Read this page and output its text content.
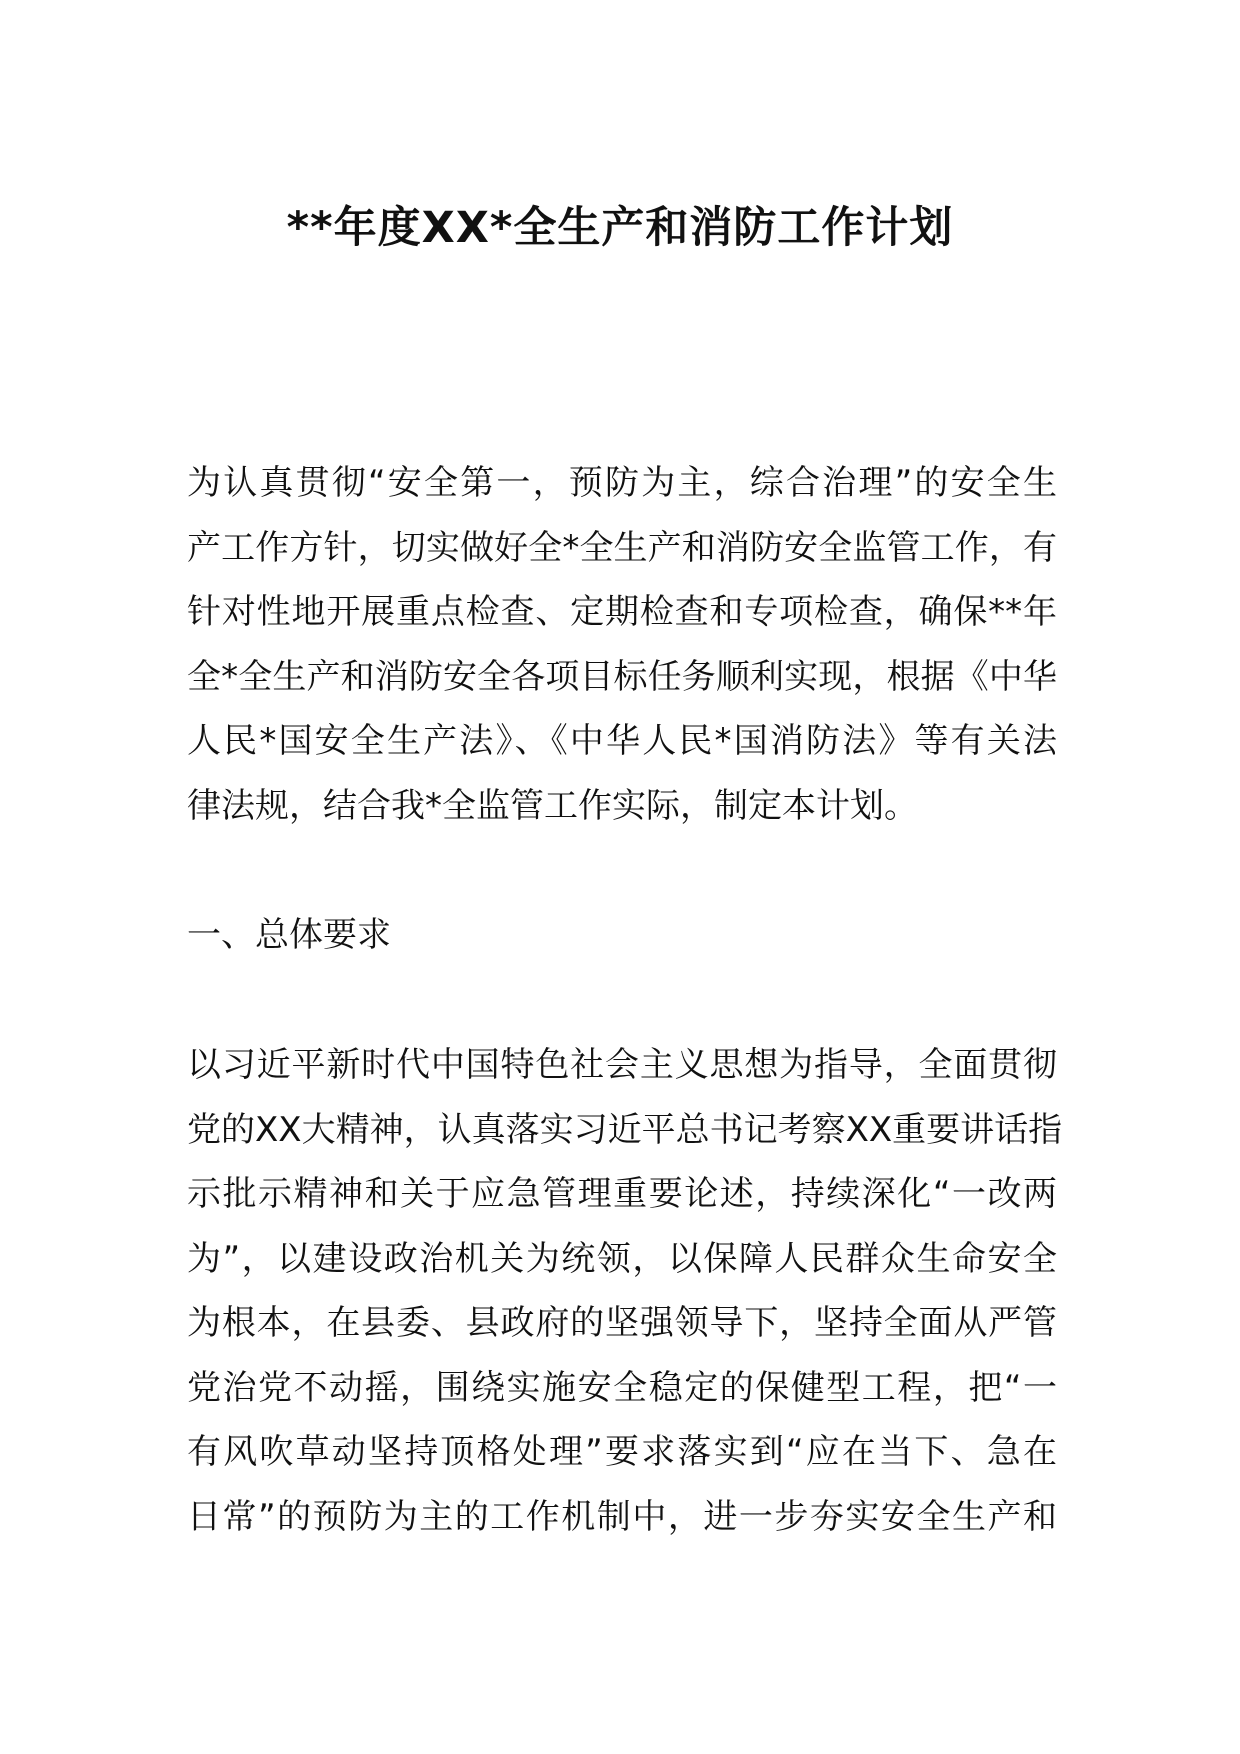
**年度XX*全生产和消防工作计划
为认真贯彻“安全第一，预防为主，综合治理”的安全生
产工作方针，切实做好全*全生产和消防安全监管工作，有
针对性地开展重点检查、定期检查和专项检查，确保**年
全*全生产和消防安全各项目标任务顺利实现，根据《中华
人民*国安全生产法》、《中华人民*国消防法》等有关法
律法规，结合我*全监管工作实际，制定本计划。
一、总体要求
以习近平新时代中国特色社会主义思想为指导，全面贯彻
党的XX大精神，认真落实习近平总书记考察XX重要讲话指
示批示精神和关于应急管理重要论述，持续深化“一改两
为”，以建设政治机关为统领，以保障人民群众生命安全
为根本，在县委、县政府的坚强领导下，坚持全面从严管
党治党不动摇，围绕实施安全稳定的保健型工程，把“一
有风吹草动坚持顶格处理”要求落实到“应在当下、急在
日常”的预防为主的工作机制中，进一步夯实安全生产和
